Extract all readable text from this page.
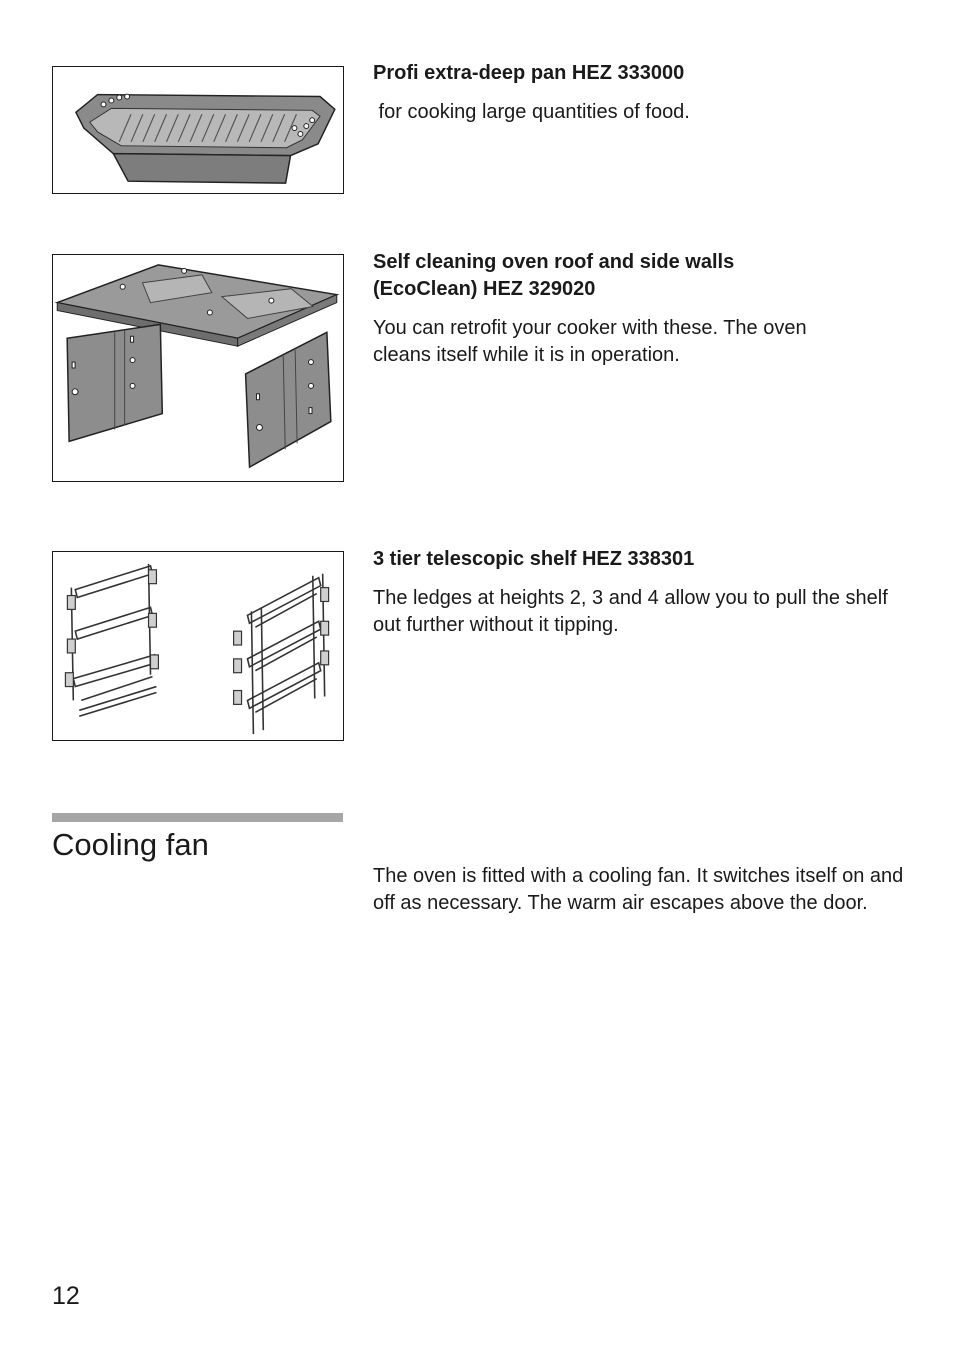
Profi extra-deep pan HEZ 333000

for cooking large quantities of food.

Self cleaning oven roof and side walls
(EcoClean) HEZ 329020

You can retrofit your cooker with these. The oven cleans itself while it is in operation.

3 tier telescopic shelf HEZ 338301

The ledges at heights 2, 3 and 4 allow you to pull the shelf out further without it tipping.

Cooling fan

The oven is fitted with a cooling fan. It switches itself on and off as necessary. The warm air escapes above the door.

12
